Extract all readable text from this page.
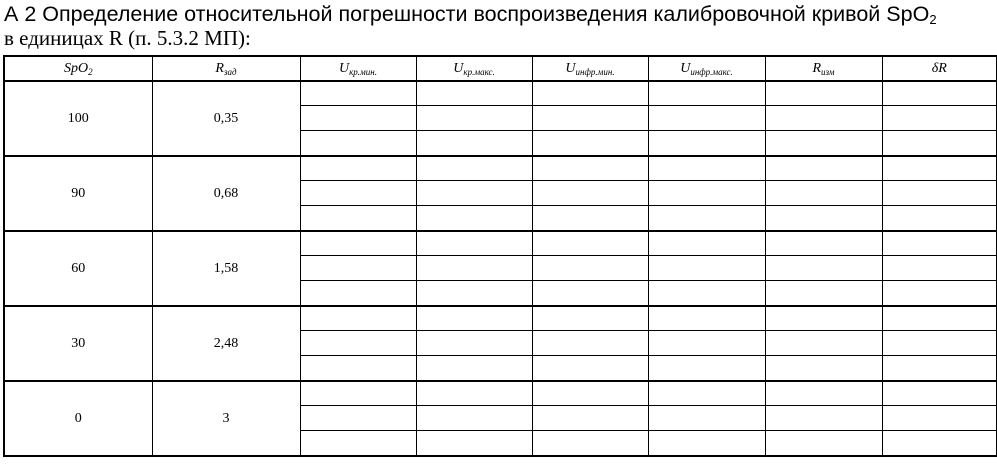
А 2 Определение относительной погрешности воспроизведения калибровочной кривой SpO$_2$
в единицах R (п. 5.3.2 МП):
SpO$_2$	$R_{зад}$	$U_{кр.мин.}$	$U_{кр.макс.}$	$U_{инфр.мин.}$	$U_{инфр.макс.}$	$R_{изм}$	δR
100	0,35						

90	0,68						

60	1,58						

30	2,48						

0	3						
